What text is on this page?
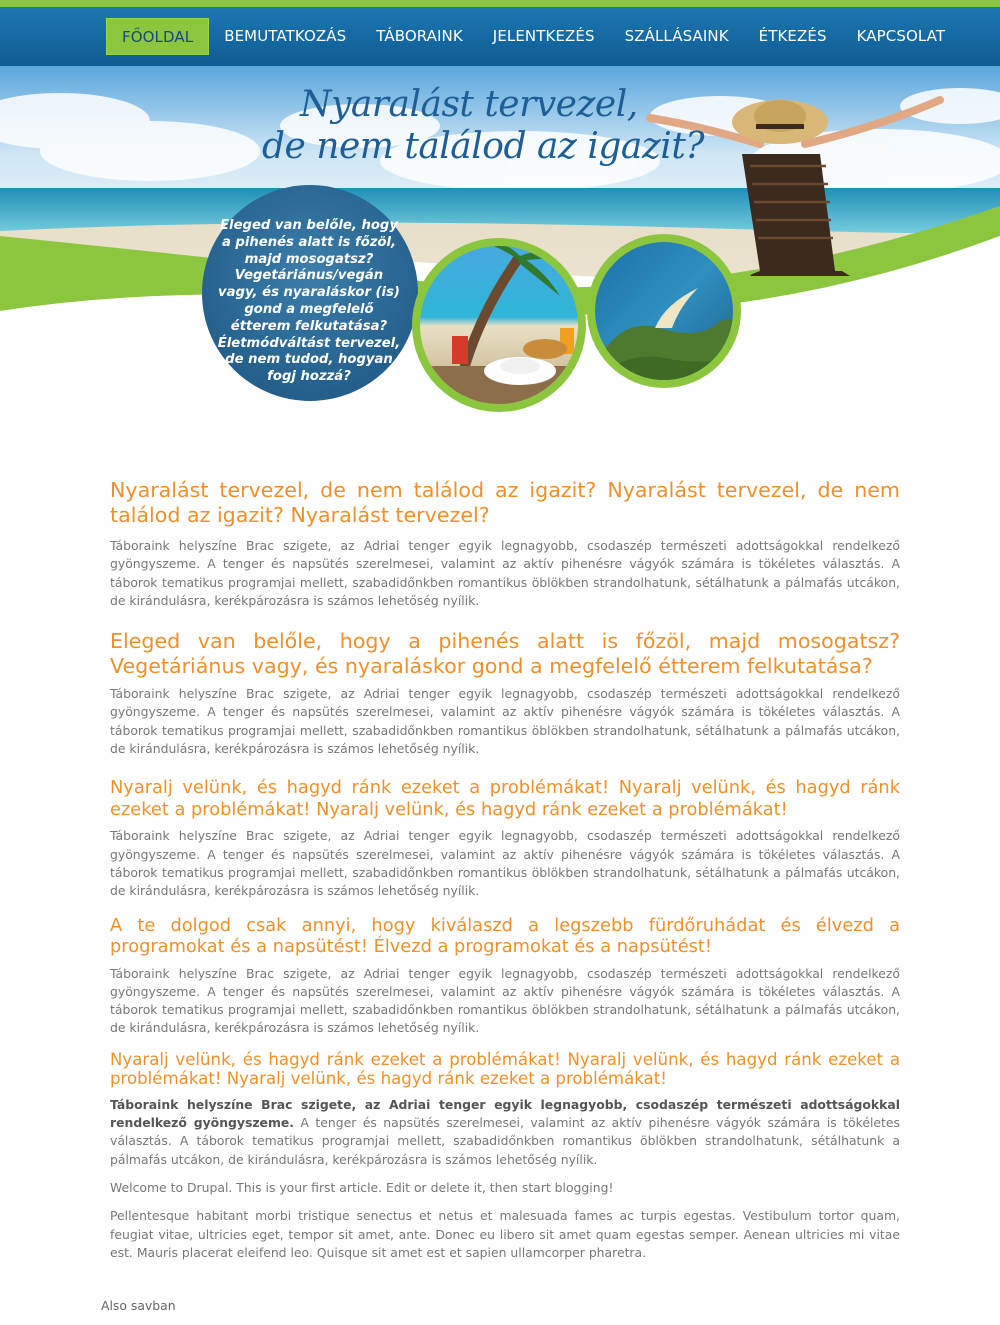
FŐOLDAL	BEMUTATKOZÁS	TÁBORAINK	JELENTKEZÉS	SZÁLLÁSAINK	ÉTKEZÉS	KAPCSOLAT
Nyaralást tervezel,
de nem találod az igazit?
Eleged van belőle, hogy a pihenés alatt is főzöl, majd mosogatsz? Vegetáriánus/vegán vagy, és nyaraláskor (is) gond a megfelelő étterem felkutatása? Életmódváltást tervezel, de nem tudod, hogyan fogj hozzá?
Nyaralást tervezel, de nem találod az igazit? Nyaralást tervezel, de nem találod az igazit? Nyaralást tervezel?

Táboraink helyszíne Brac szigete, az Adriai tenger egyik legnagyobb, csodaszép természeti adottságokkal rendelkező gyöngyszeme. A tenger és napsütés szerelmesei, valamint az aktív pihenésre vágyók számára is tökéletes választás. A táborok tematikus programjai mellett, szabadidőnkben romantikus öblökben strandolhatunk, sétálhatunk a pálmafás utcákon, de kirándulásra, kerékpározásra is számos lehetőség nyílik.

Eleged van belőle, hogy a pihenés alatt is főzöl, majd mosogatsz? Vegetáriánus vagy, és nyaraláskor gond a megfelelő étterem felkutatása?

Táboraink helyszíne Brac szigete, az Adriai tenger egyik legnagyobb, csodaszép természeti adottságokkal rendelkező gyöngyszeme. A tenger és napsütés szerelmesei, valamint az aktív pihenésre vágyók számára is tökéletes választás. A táborok tematikus programjai mellett, szabadidőnkben romantikus öblökben strandolhatunk, sétálhatunk a pálmafás utcákon, de kirándulásra, kerékpározásra is számos lehetőség nyílik.

Nyaralj velünk, és hagyd ránk ezeket a problémákat! Nyaralj velünk, és hagyd ránk ezeket a problémákat! Nyaralj velünk, és hagyd ránk ezeket a problémákat!

Táboraink helyszíne Brac szigete, az Adriai tenger egyik legnagyobb, csodaszép természeti adottságokkal rendelkező gyöngyszeme. A tenger és napsütés szerelmesei, valamint az aktív pihenésre vágyók számára is tökéletes választás. A táborok tematikus programjai mellett, szabadidőnkben romantikus öblökben strandolhatunk, sétálhatunk a pálmafás utcákon, de kirándulásra, kerékpározásra is számos lehetőség nyílik.

A te dolgod csak annyi, hogy kiválaszd a legszebb fürdőruhádat és élvezd a programokat és a napsütést! Élvezd a programokat és a napsütést!

Táboraink helyszíne Brac szigete, az Adriai tenger egyik legnagyobb, csodaszép természeti adottságokkal rendelkező gyöngyszeme. A tenger és napsütés szerelmesei, valamint az aktív pihenésre vágyók számára is tökéletes választás. A táborok tematikus programjai mellett, szabadidőnkben romantikus öblökben strandolhatunk, sétálhatunk a pálmafás utcákon, de kirándulásra, kerékpározásra is számos lehetőség nyílik.

Nyaralj velünk, és hagyd ránk ezeket a problémákat! Nyaralj velünk, és hagyd ránk ezeket a problémákat! Nyaralj velünk, és hagyd ránk ezeket a problémákat!

Táboraink helyszíne Brac szigete, az Adriai tenger egyik legnagyobb, csodaszép természeti adottságokkal rendelkező gyöngyszeme. A tenger és napsütés szerelmesei, valamint az aktív pihenésre vágyók számára is tökéletes választás. A táborok tematikus programjai mellett, szabadidőnkben romantikus öblökben strandolhatunk, sétálhatunk a pálmafás utcákon, de kirándulásra, kerékpározásra is számos lehetőség nyílik.

Welcome to Drupal. This is your first article. Edit or delete it, then start blogging!

Pellentesque habitant morbi tristique senectus et netus et malesuada fames ac turpis egestas. Vestibulum tortor quam, feugiat vitae, ultricies eget, tempor sit amet, ante. Donec eu libero sit amet quam egestas semper. Aenean ultricies mi vitae est. Mauris placerat eleifend leo. Quisque sit amet est et sapien ullamcorper pharetra.

Also savban
